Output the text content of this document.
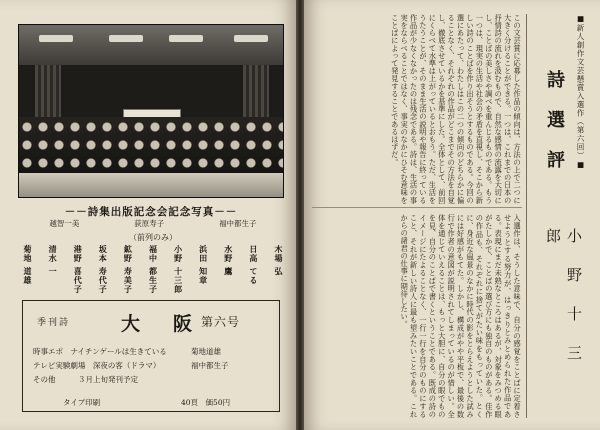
－－詩集出版記念会記念写真－－
越智一美	荻原寿子	福中都生子
（前列のみ）
木場 弘
日高 てる
水野 鷹
浜田 知章
小野 十三郎
福中 都生子
鉱野 寿美子
坂本 寿代子
港野 喜代子
清水 一
菊地 道雄
季刊詩	大　阪 第六号
時事エポ　ナイチンゲールは生きている	菊地道雄
テレビ実験劇場　深夜の客（ドラマ）	福中都生子
その他　　　３月上旬発刊予定
タイプ印刷	40頁　価50円
■新人創作文芸懸賞入選作（第六回）■
詩選評
小野十三郎
この文芸賞に応募した作品の傾向は、方法の上で二つに大きく分けることができる。一つは、これまでの日本の抒情詩の流れを汲むもので、自然な感情の流露を大切にし、ことばの美しさや調べを重んじるものである。もう一つは、現実の生活や社会の矛盾を直視し、そこから新しい詩のことばを作り出そうとするものである。今回の選にあたって、わたしはこの二つの傾向のどちらかに偏ることなく、それぞれの作品がどこまでその方法を自覚し、徹底させているかを基準にした。全体として、前回にくらべて水準は上がっているとおもう。ただ、生活をうたうことが、そのまま生活の説明や報告に終っている作品が少なくなかったのは残念である。詩は、生活の事実をならべることではなく、事実のなかにひそむ意味をことばによって発見することであるはずだ。
入選作は、そうした意味で、自分の感覚をことばに定着させようとする努力が、はっきりとみとめられた作品である。表現にまだ未熟なところはあるが、対象をみつめる眼がたしかで、ことばの選び方にも独自のものがある。佳作の作品も、それぞれに捨てがたい味をもっていた。とくに、身近な風景のなかに時代の影をとらえようとした試みには好感がもてた。しかし、構成がやや平板で、最後の数行で作者の意図が説明されてしまっているのが惜しい。全体を通じていえることは、もっと大胆に、自分の眼でものを見、自分のことばで書くということである。既成の詩のイメージにたよることなく、一行一行を自分のものにすること、それが新しい詩人に最も望みたいことである。これからの諸君の仕事に期待したい。
